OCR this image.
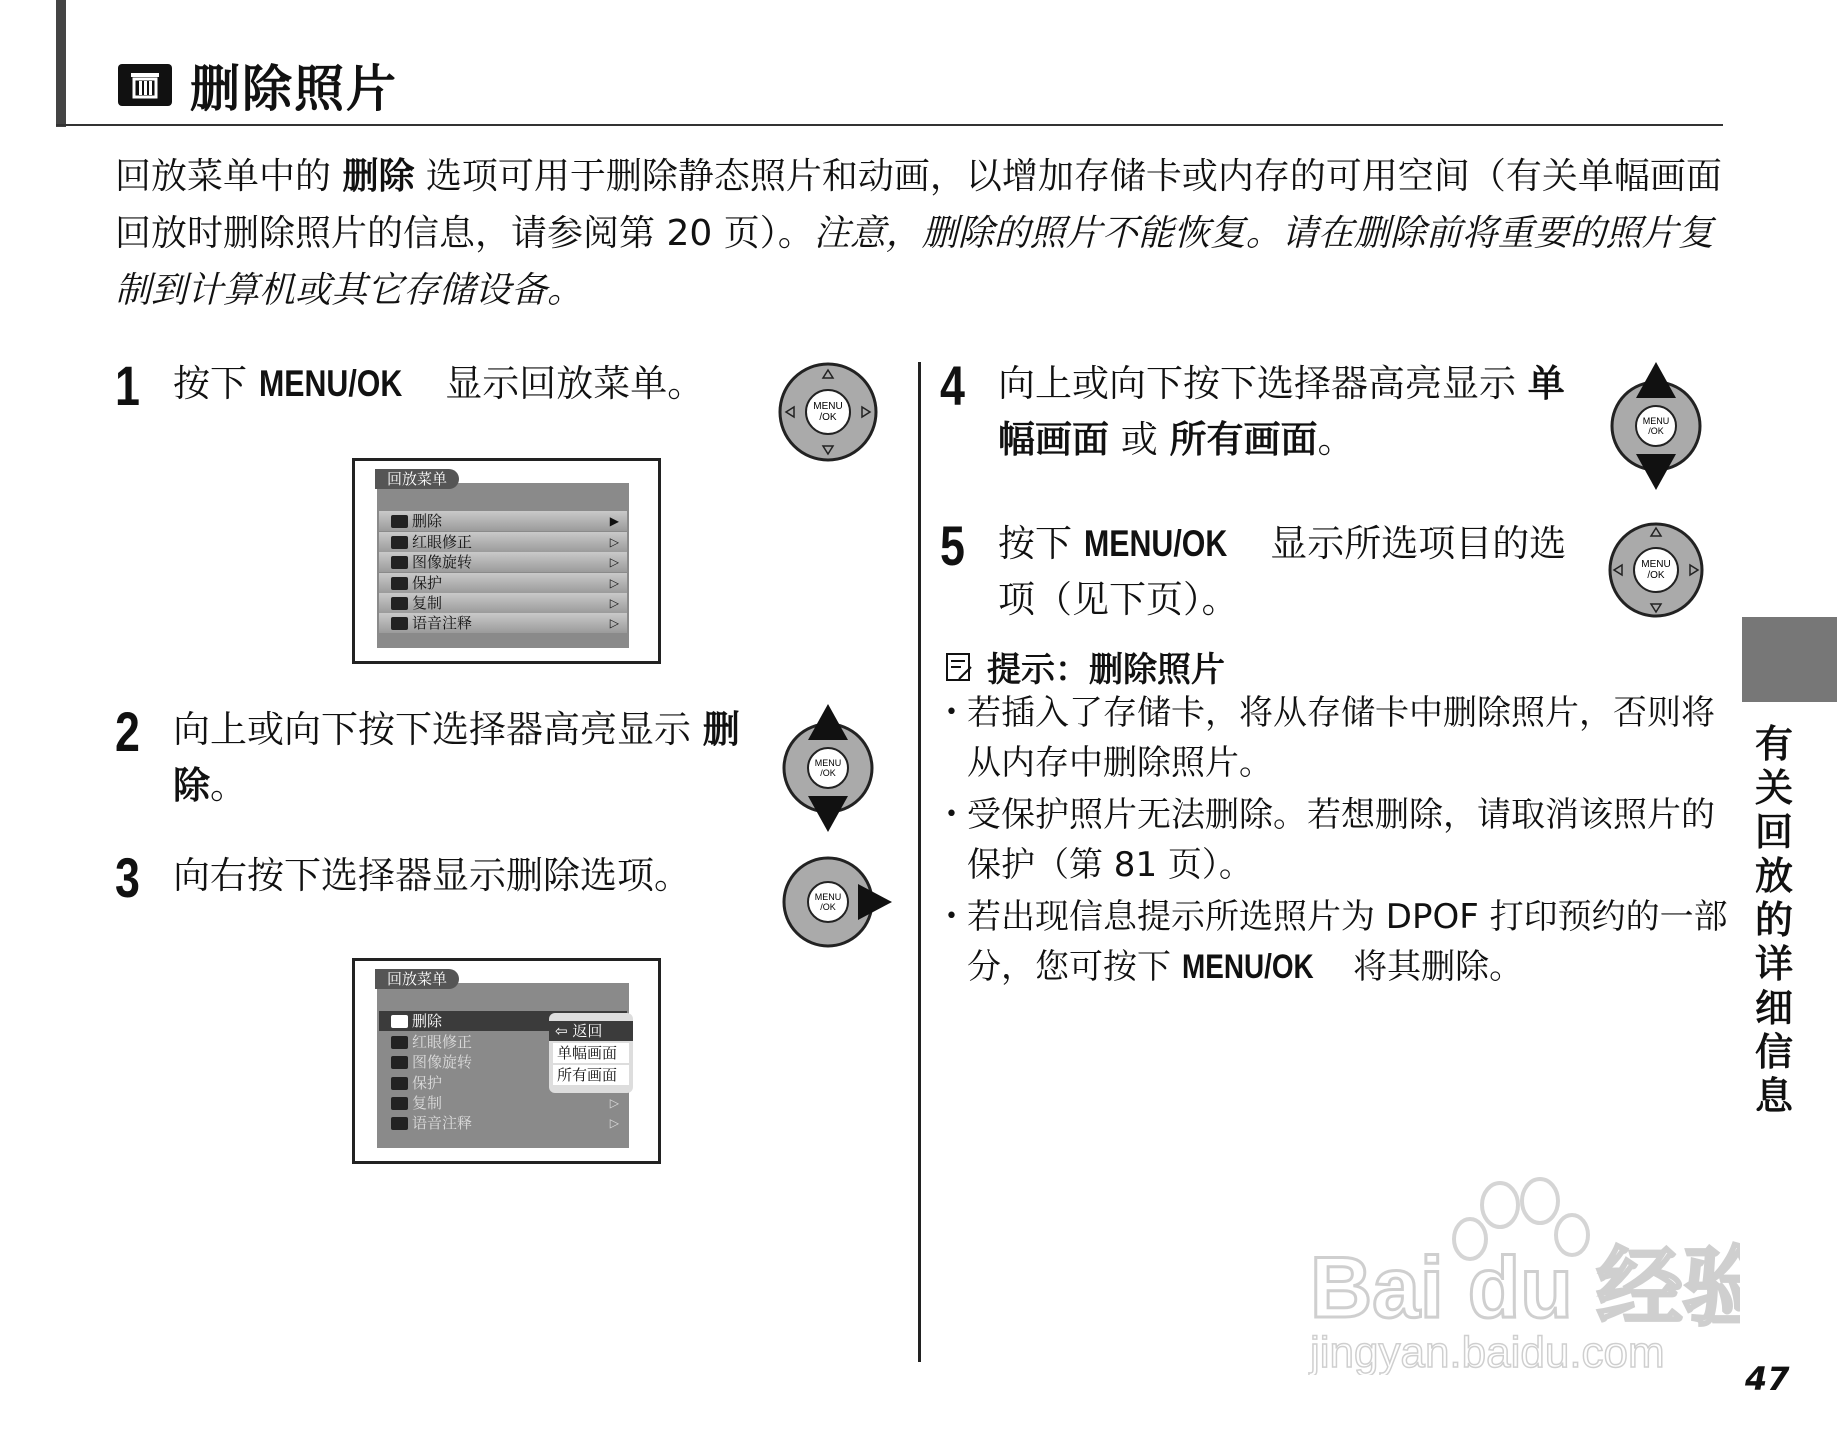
删除照片
回放菜单中的 删除 选项可用于删除静态照片和动画，以增加存储卡或内存的可用空间（有关单幅画面回放时删除照片的信息，请参阅第 20 页）。注意，删除的照片不能恢复。请在删除前将重要的照片复制到计算机或其它存储设备。
1 按下 MENU/OK 显示回放菜单。
2 向上或向下按下选择器高亮显示 删除。
3 向右按下选择器显示删除选项。
4 向上或向下按下选择器高亮显示 单幅画面 或 所有画面。
5 按下 MENU/OK 显示所选项目的选项（见下页）。
MENU
/OK
MENU
/OK
MENU
/OK
MENU
/OK
MENU
/OK
回放菜单
删除	▶
红眼修正	▷
图像旋转	▷
保护	▷
复制	▷
语音注释	▷
回放菜单
删除
红眼修正
图像旋转
保护
复制	▷
语音注释	▷
⇦ 返回
单幅画面
所有画面
提示：删除照片
• 若插入了存储卡，将从存储卡中删除照片，否则将从内存中删除照片。
• 受保护照片无法删除。若想删除，请取消该照片的保护（第 81 页）。
• 若出现信息提示所选照片为 DPOF 打印预约的一部分，您可按下 MENU/OK 将其删除。
有关回放的详细信息
47
Bai du 经验
jingyan.baidu.com
